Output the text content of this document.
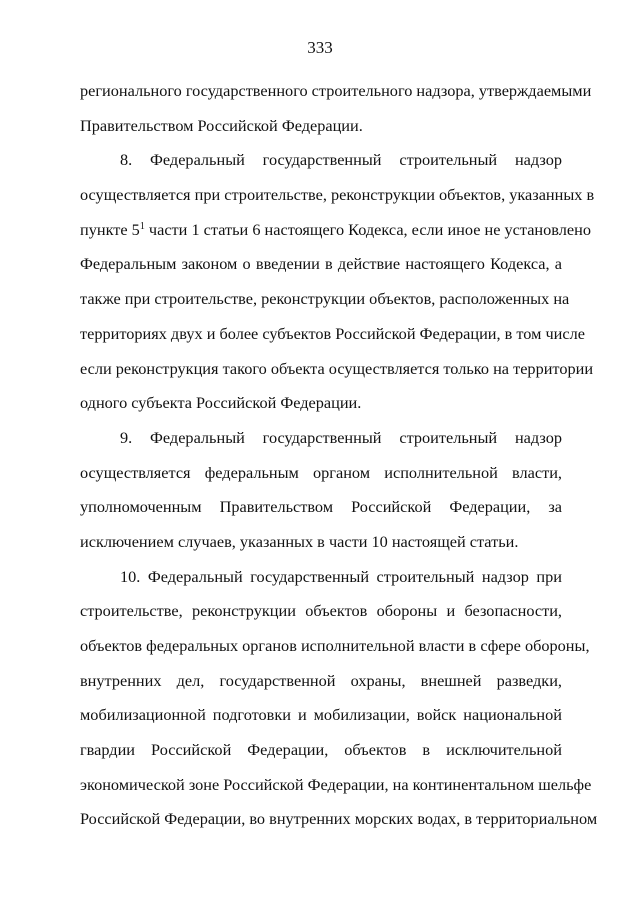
333
регионального государственного строительного надзора, утверждаемыми
Правительством Российской Федерации.
8. Федеральный государственный строительный надзор
осуществляется при строительстве, реконструкции объектов, указанных в
пункте $5^1$ части 1 статьи 6 настоящего Кодекса, если иное не установлено
Федеральным законом о введении в действие настоящего Кодекса, а
также при строительстве, реконструкции объектов, расположенных на
территориях двух и более субъектов Российской Федерации, в том числе
если реконструкция такого объекта осуществляется только на территории
одного субъекта Российской Федерации.
9. Федеральный государственный строительный надзор
осуществляется федеральным органом исполнительной власти,
уполномоченным Правительством Российской Федерации, за
исключением случаев, указанных в части 10 настоящей статьи.
10. Федеральный государственный строительный надзор при
строительстве, реконструкции объектов обороны и безопасности,
объектов федеральных органов исполнительной власти в сфере обороны,
внутренних дел, государственной охраны, внешней разведки,
мобилизационной подготовки и мобилизации, войск национальной
гвардии Российской Федерации, объектов в исключительной
экономической зоне Российской Федерации, на континентальном шельфе
Российской Федерации, во внутренних морских водах, в территориальном
